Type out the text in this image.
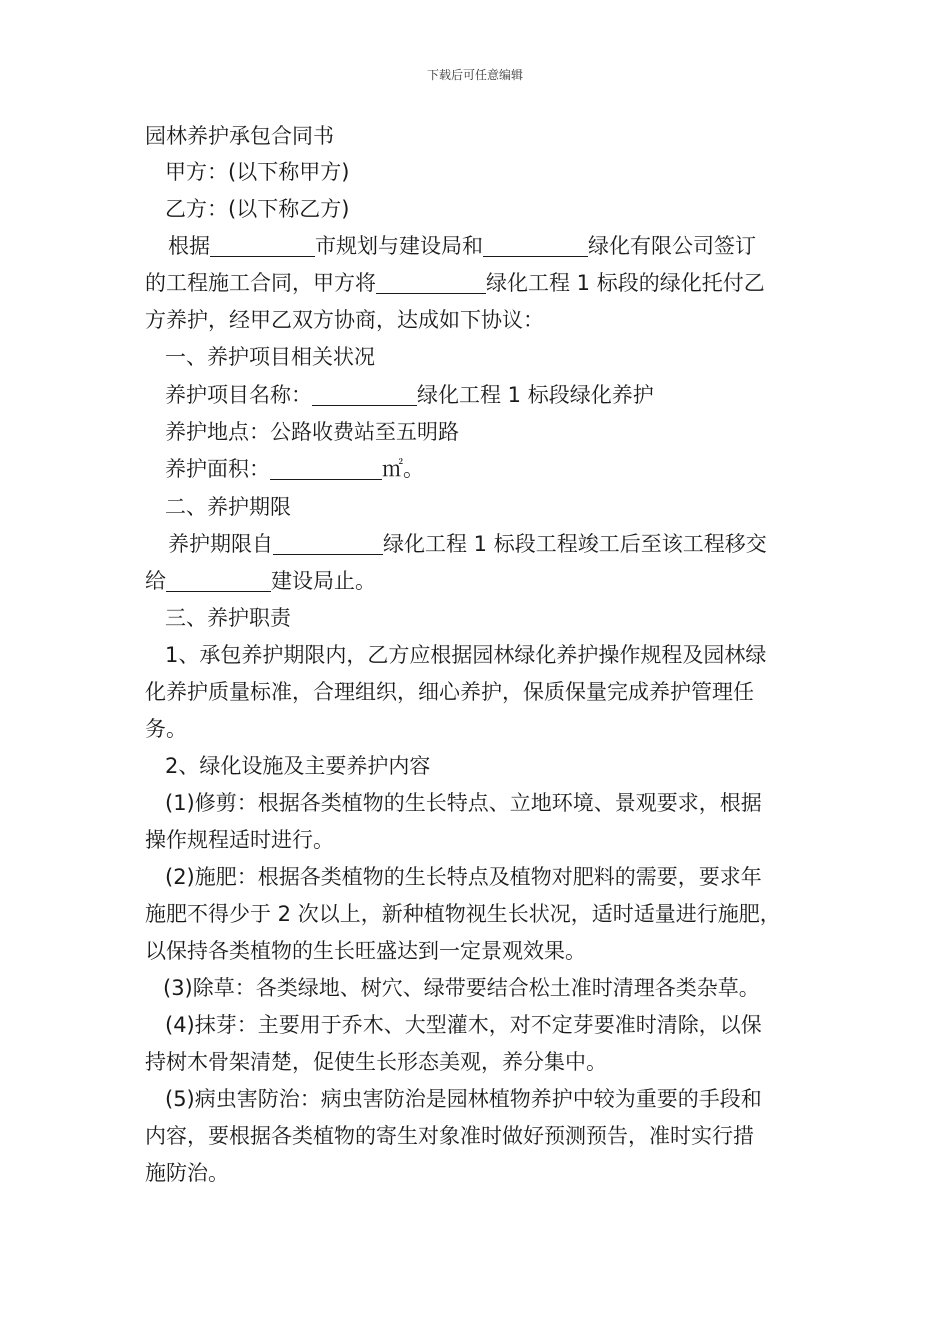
下载后可任意编辑
园林养护承包合同书
甲方：(以下称甲方)
乙方：(以下称乙方)
根据	市规划与建设局和	绿化有限公司签订
的工程施工合同，甲方将	绿化工程 1 标段的绿化托付乙
方养护，经甲乙双方协商，达成如下协议：
一、养护项目相关状况
养护项目名称：	绿化工程 1 标段绿化养护
养护地点：公路收费站至五明路
养护面积：	㎡。
二、养护期限
养护期限自	绿化工程 1 标段工程竣工后至该工程移交
给	建设局止。
三、养护职责
1、承包养护期限内，乙方应根据园林绿化养护操作规程及园林绿
化养护质量标准，合理组织，细心养护，保质保量完成养护管理任
务。
2、绿化设施及主要养护内容
(1)修剪：根据各类植物的生长特点、立地环境、景观要求，根据
操作规程适时进行。
(2)施肥：根据各类植物的生长特点及植物对肥料的需要，要求年
施肥不得少于 2 次以上，新种植物视生长状况，适时适量进行施肥，
以保持各类植物的生长旺盛达到一定景观效果。
(3)除草：各类绿地、树穴、绿带要结合松土准时清理各类杂草。
(4)抹芽：主要用于乔木、大型灌木，对不定芽要准时清除，以保
持树木骨架清楚，促使生长形态美观，养分集中。
(5)病虫害防治：病虫害防治是园林植物养护中较为重要的手段和
内容，要根据各类植物的寄生对象准时做好预测预告，准时实行措
施防治。
